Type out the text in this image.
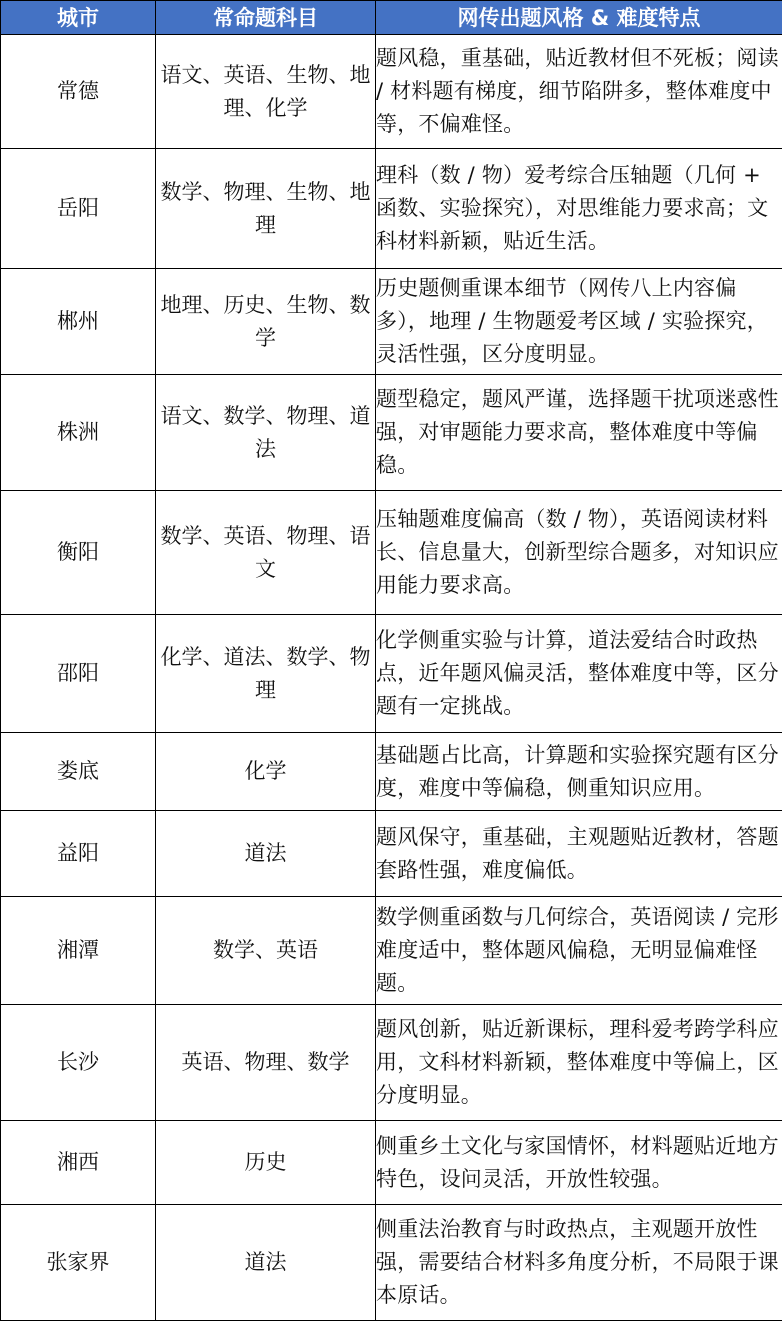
城市	常命题科目	网传出题风格 & 难度特点
常德	语文、英语、生物、地理、化学	题风稳，重基础，贴近教材但不死板；阅读 / 材料题有梯度，细节陷阱多，整体难度中等，不偏难怪。
岳阳	数学、物理、生物、地理	理科（数 / 物）爱考综合压轴题（几何 + 函数、实验探究），对思维能力要求高；文科材料新颖，贴近生活。
郴州	地理、历史、生物、数学	历史题侧重课本细节（网传八上内容偏多），地理 / 生物题爱考区域 / 实验探究，灵活性强，区分度明显。
株洲	语文、数学、物理、道法	题型稳定，题风严谨，选择题干扰项迷惑性强，对审题能力要求高，整体难度中等偏稳。
衡阳	数学、英语、物理、语文	压轴题难度偏高（数 / 物），英语阅读材料长、信息量大，创新型综合题多，对知识应用能力要求高。
邵阳	化学、道法、数学、物理	化学侧重实验与计算，道法爱结合时政热点，近年题风偏灵活，整体难度中等，区分题有一定挑战。
娄底	化学	基础题占比高，计算题和实验探究题有区分度，难度中等偏稳，侧重知识应用。
益阳	道法	题风保守，重基础，主观题贴近教材，答题套路性强，难度偏低。
湘潭	数学、英语	数学侧重函数与几何综合，英语阅读 / 完形难度适中，整体题风偏稳，无明显偏难怪题。
长沙	英语、物理、数学	题风创新，贴近新课标，理科爱考跨学科应用，文科材料新颖，整体难度中等偏上，区分度明显。
湘西	历史	侧重乡土文化与家国情怀，材料题贴近地方特色，设问灵活，开放性较强。
张家界	道法	侧重法治教育与时政热点，主观题开放性强，需要结合材料多角度分析，不局限于课本原话。
